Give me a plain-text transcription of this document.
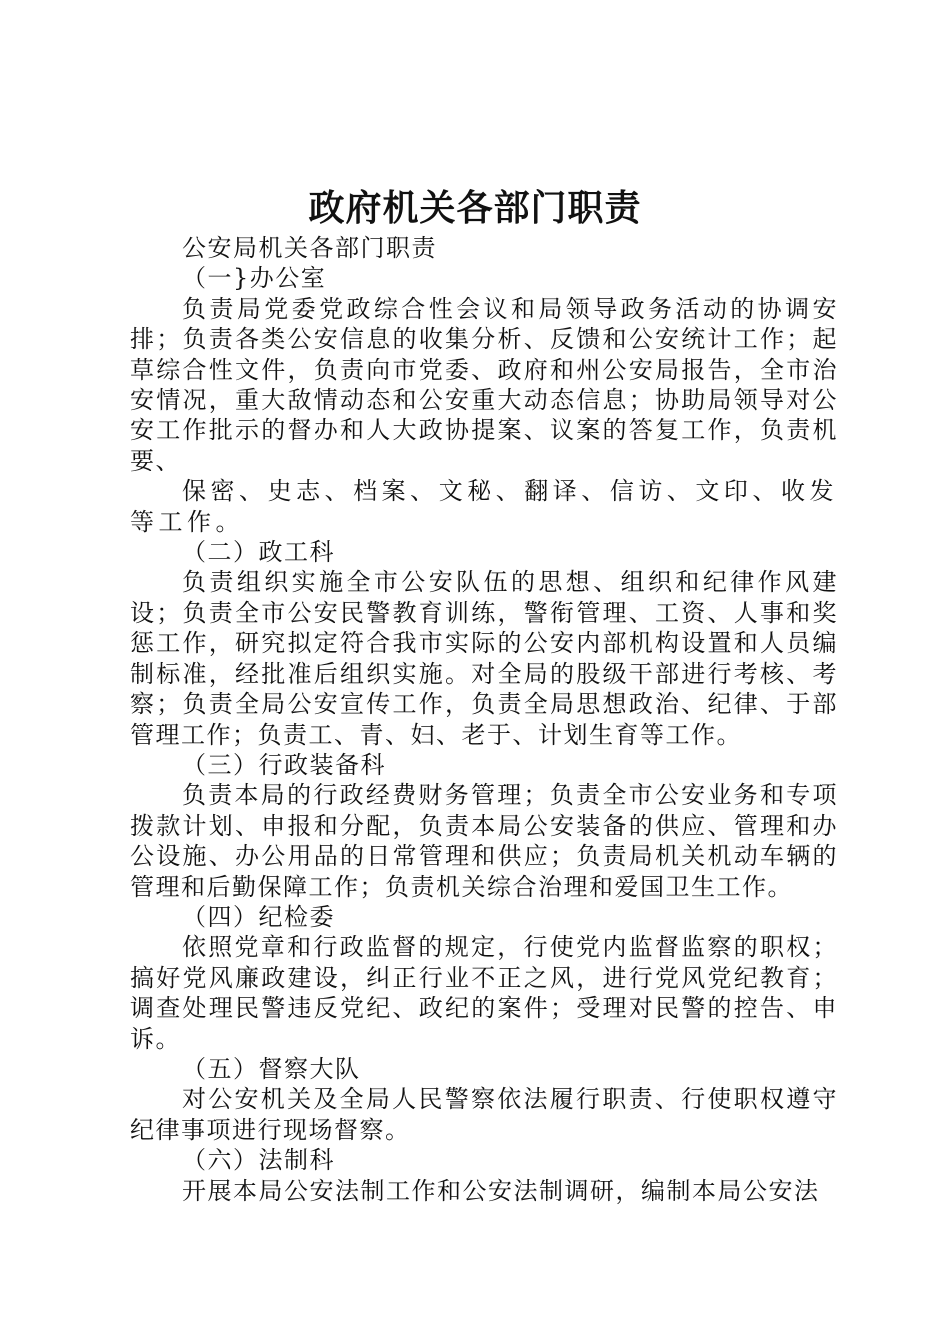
政府机关各部门职责

公安局机关各部门职责

（一}办公室

负责局党委党政综合性会议和局领导政务活动的协调安排；负责各类公安信息的收集分析、反馈和公安统计工作；起草综合性文件，负责向市党委、政府和州公安局报告，全市治安情况，重大敌情动态和公安重大动态信息；协助局领导对公安工作批示的督办和人大政协提案、议案的答复工作，负责机要、

保密、史志、档案、文秘、翻译、信访、文印、收发等工作。

（二）政工科

负责组织实施全市公安队伍的思想、组织和纪律作风建设；负责全市公安民警教育训练，警衔管理、工资、人事和奖惩工作，研究拟定符合我市实际的公安内部机构设置和人员编制标准，经批准后组织实施。对全局的股级干部进行考核、考察；负责全局公安宣传工作，负责全局思想政治、纪律、于部管理工作；负责工、青、妇、老于、计划生育等工作。

（三）行政装备科

负责本局的行政经费财务管理；负责全市公安业务和专项拨款计划、申报和分配，负责本局公安装备的供应、管理和办公设施、办公用品的日常管理和供应；负责局机关机动车辆的管理和后勤保障工作；负责机关综合治理和爱国卫生工作。

（四）纪检委

依照党章和行政监督的规定，行使党内监督监察的职权；搞好党风廉政建设，纠正行业不正之风，进行党风党纪教育；调查处理民警违反党纪、政纪的案件；受理对民警的控告、申诉。

（五）督察大队

对公安机关及全局人民警察依法履行职责、行使职权遵守纪律事项进行现场督察。

（六）法制科

开展本局公安法制工作和公安法制调研，编制本局公安法
